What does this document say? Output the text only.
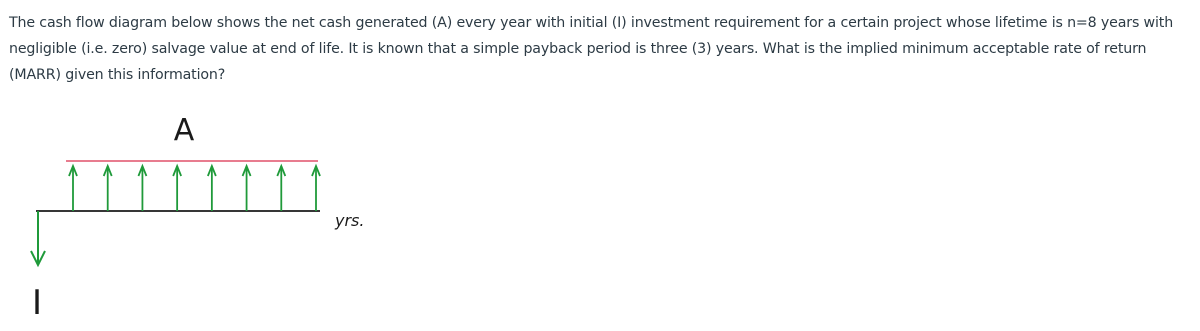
The cash flow diagram below shows the net cash generated (A) every year with initial (I) investment requirement for a certain project whose lifetime is n=8 years with negligible (i.e. zero) salvage value at end of life. It is known that a simple payback period is three (3) years. What is the implied minimum acceptable rate of return (MARR) given this information?

A
I
yrs.
